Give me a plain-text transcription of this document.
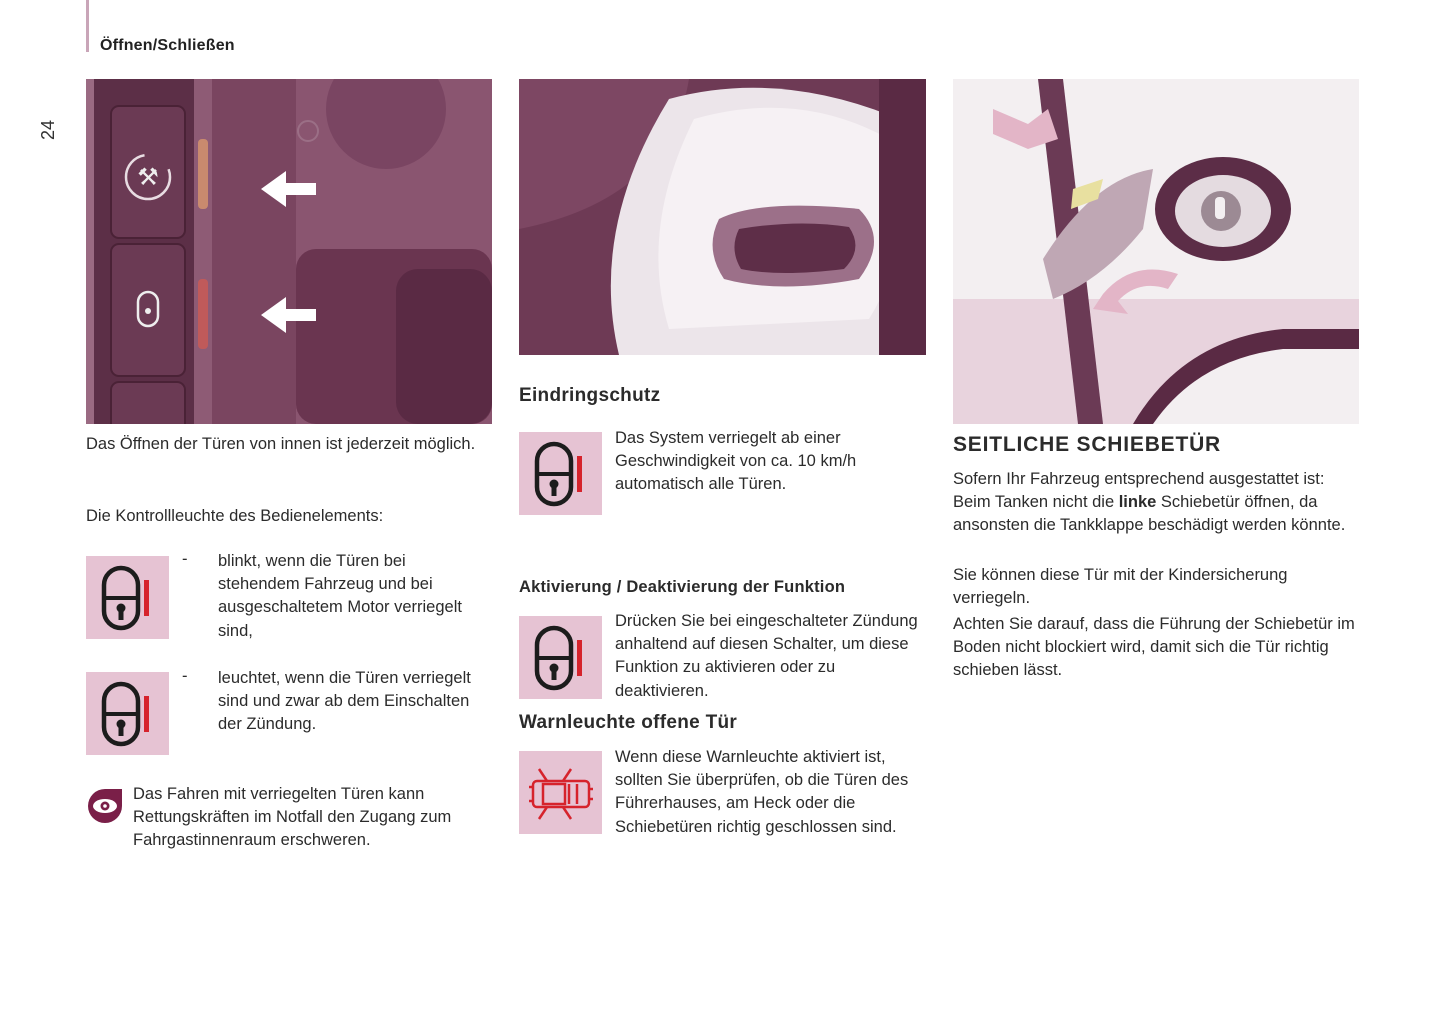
Öffnen/Schließen
24
⚒
Das Öffnen der Türen von innen ist jederzeit möglich.
Die Kontrollleuchte des Bedienelements:
- blinkt, wenn die Türen bei stehendem Fahrzeug und bei ausgeschaltetem Motor verriegelt sind,
- leuchtet, wenn die Türen verriegelt sind und zwar ab dem Einschalten der Zündung.
Das Fahren mit verriegelten Türen kann Rettungskräften im Notfall den Zugang zum Fahrgastinnenraum erschweren.
Eindringschutz
Das System verriegelt ab einer Geschwindigkeit von ca. 10 km/h automatisch alle Türen.
Aktivierung / Deaktivierung der Funktion
Drücken Sie bei eingeschalteter Zündung anhaltend auf diesen Schalter, um diese Funktion zu aktivieren oder zu deaktivieren.
Warnleuchte offene Tür
Wenn diese Warnleuchte aktiviert ist, sollten Sie überprüfen, ob die Türen des Führerhauses, am Heck oder die Schiebetüren richtig geschlossen sind.
SEITLICHE SCHIEBETÜR
Sofern Ihr Fahrzeug entsprechend ausgestattet ist: Beim Tanken nicht die linke Schiebetür öffnen, da ansonsten die Tankklappe beschädigt werden könnte.
Sie können diese Tür mit der Kindersicherung verriegeln.
Achten Sie darauf, dass die Führung der Schiebetür im Boden nicht blockiert wird, damit sich die Tür richtig schieben lässt.
